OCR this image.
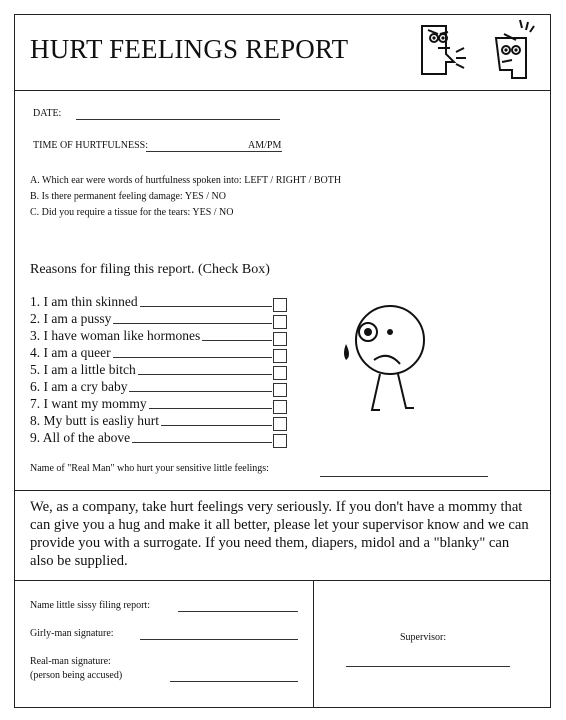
HURT FEELINGS REPORT
DATE:
TIME OF HURTFULNESS:	AM/PM
A. Which ear were words of hurtfulness spoken into: LEFT / RIGHT / BOTH
B. Is there permanent feeling damage: YES / NO
C. Did you require a tissue for the tears: YES / NO
Reasons for filing this report. (Check Box)
1. I am thin skinned
2. I am a pussy
3. I have woman like hormones
4. I am a queer
5. I am a little bitch
6. I am a cry baby
7. I want my mommy
8. My butt is easliy hurt
9. All of the above
Name of "Real Man" who hurt your sensitive little feelings:
We, as a company, take hurt feelings very seriously. If you don't have a mommy that can give you a hug and make it all better, please let your supervisor know and we can provide you with a surrogate. If you need them, diapers, midol and a "blanky" can also be supplied.
Name little sissy filing report:
Girly-man signature:
Real-man signature:
(person being accused)
Supervisor:
